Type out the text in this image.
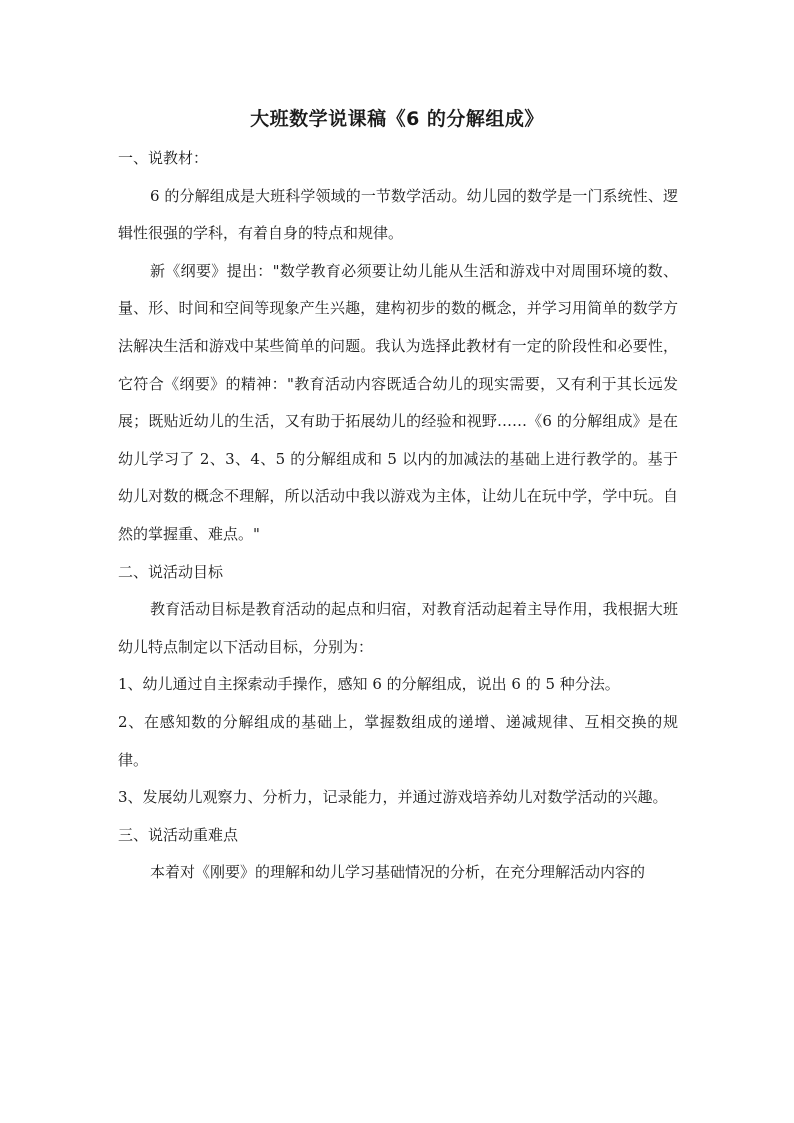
大班数学说课稿《6 的分解组成》

一、说教材：

6 的分解组成是大班科学领域的一节数学活动。幼儿园的数学是一门系统性、逻辑性很强的学科，有着自身的特点和规律。

新《纲要》提出："数学教育必须要让幼儿能从生活和游戏中对周围环境的数、量、形、时间和空间等现象产生兴趣，建构初步的数的概念，并学习用简单的数学方法解决生活和游戏中某些简单的问题。我认为选择此教材有一定的阶段性和必要性，它符合《纲要》的精神："教育活动内容既适合幼儿的现实需要，又有利于其长远发展；既贴近幼儿的生活，又有助于拓展幼儿的经验和视野……《6 的分解组成》是在幼儿学习了 2、3、4、5 的分解组成和 5 以内的加减法的基础上进行教学的。基于幼儿对数的概念不理解，所以活动中我以游戏为主体，让幼儿在玩中学，学中玩。自然的掌握重、难点。"

二、说活动目标

教育活动目标是教育活动的起点和归宿，对教育活动起着主导作用，我根据大班幼儿特点制定以下活动目标，分别为：

1、幼儿通过自主探索动手操作，感知 6 的分解组成，说出 6 的 5 种分法。

2、在感知数的分解组成的基础上，掌握数组成的递增、递减规律、互相交换的规律。

3、发展幼儿观察力、分析力，记录能力，并通过游戏培养幼儿对数学活动的兴趣。

三、说活动重难点

本着对《刚要》的理解和幼儿学习基础情况的分析，在充分理解活动内容的
